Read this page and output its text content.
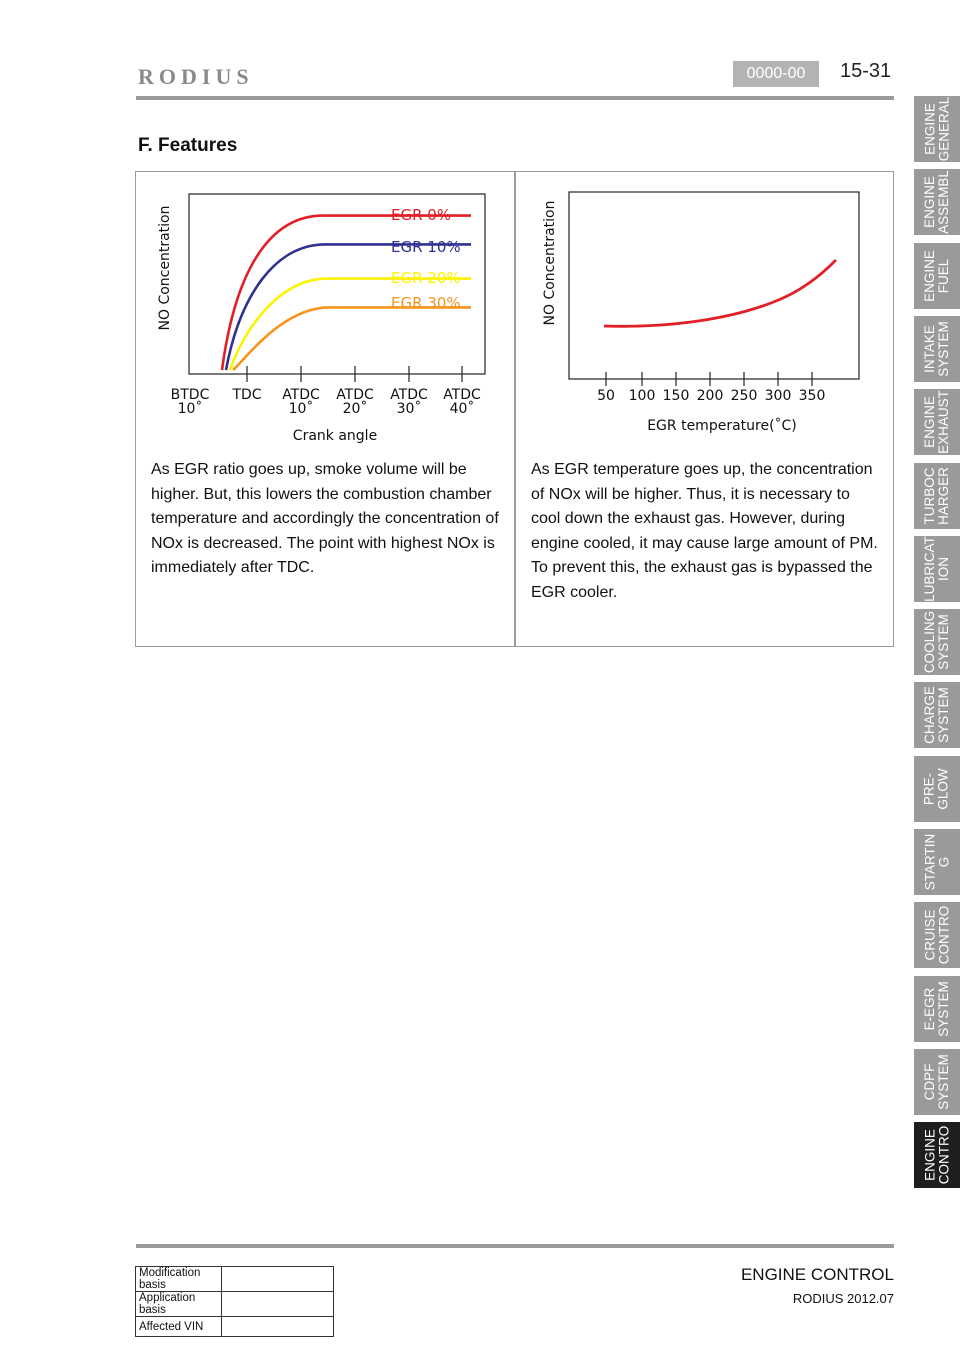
RODIUS	0000-00	15-31
F. Features
NO Concentration
BTDC
10˚
TDC ATDC
10˚
ATDC
20˚
ATDC
30˚
ATDC
40˚
EGR 0%
EGR 10%
EGR 20%
EGR 30%
Crank angle
NO Concentration
50 100 150 200 250 300 350
EGR temperature(˚C)
As EGR ratio goes up, smoke volume will be higher. But, this lowers the combustion chamber temperature and accordingly the concentration of NOx is decreased. The point with highest NOx is immediately after TDC.
As EGR temperature goes up, the concentration of NOx will be higher. Thus, it is necessary to cool down the exhaust gas. However, during engine cooled, it may cause large amount of PM. To prevent this, the exhaust gas is bypassed the EGR cooler.
ENGINE
GENERAL
ENGINE
ASSEMBL
ENGINE
FUEL
INTAKE
SYSTEM
ENGINE
EXHAUST
TURBOC
HARGER
LUBRICAT
ION
COOLING
SYSTEM
CHARGE
SYSTEM
PRE-
GLOW
STARTIN
G
CRUISE
CONTRO
E-EGR
SYSTEM
CDPF
SYSTEM
ENGINE
CONTRO
Modification basis	
Application basis	
Affected VIN	
ENGINE CONTROL
RODIUS 2012.07
